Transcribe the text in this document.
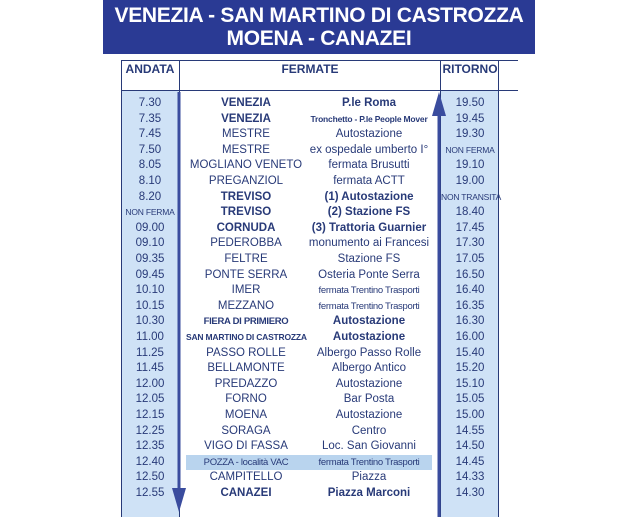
VENEZIA - SAN MARTINO DI CASTROZZA
MOENA - CANAZEI
ANDATA	FERMATE	RITORNO
7.30	VENEZIA	P.le Roma	19.50
7.35	VENEZIA	Tronchetto - P.le People Mover	19.45
7.45	MESTRE	Autostazione	19.30
7.50	MESTRE	ex ospedale umberto I°	NON FERMA
8.05	MOGLIANO VENETO	fermata Brusutti	19.10
8.10	PREGANZIOL	fermata ACTT	19.00
8.20	TREVISO	(1) Autostazione	NON TRANSITA
NON FERMA	TREVISO	(2) Stazione FS	18.40
09.00	CORNUDA	(3) Trattoria Guarnier	17.45
09.10	PEDEROBBA	monumento ai Francesi	17.30
09.35	FELTRE	Stazione FS	17.05
09.45	PONTE SERRA	Osteria Ponte Serra	16.50
10.10	IMER	fermata Trentino Trasporti	16.40
10.15	MEZZANO	fermata Trentino Trasporti	16.35
10.30	FIERA DI PRIMIERO	Autostazione	16.30
11.00	SAN MARTINO DI CASTROZZA	Autostazione	16.00
11.25	PASSO ROLLE	Albergo Passo Rolle	15.40
11.45	BELLAMONTE	Albergo Antico	15.20
12.00	PREDAZZO	Autostazione	15.10
12.05	FORNO	Bar Posta	15.05
12.15	MOENA	Autostazione	15.00
12.25	SORAGA	Centro	14.55
12.35	VIGO DI FASSA	Loc. San Giovanni	14.50
12.40	POZZA - località VAC	fermata Trentino Trasporti	14.45
12.50	CAMPITELLO	Piazza	14.33
12.55	CANAZEI	Piazza Marconi	14.30
